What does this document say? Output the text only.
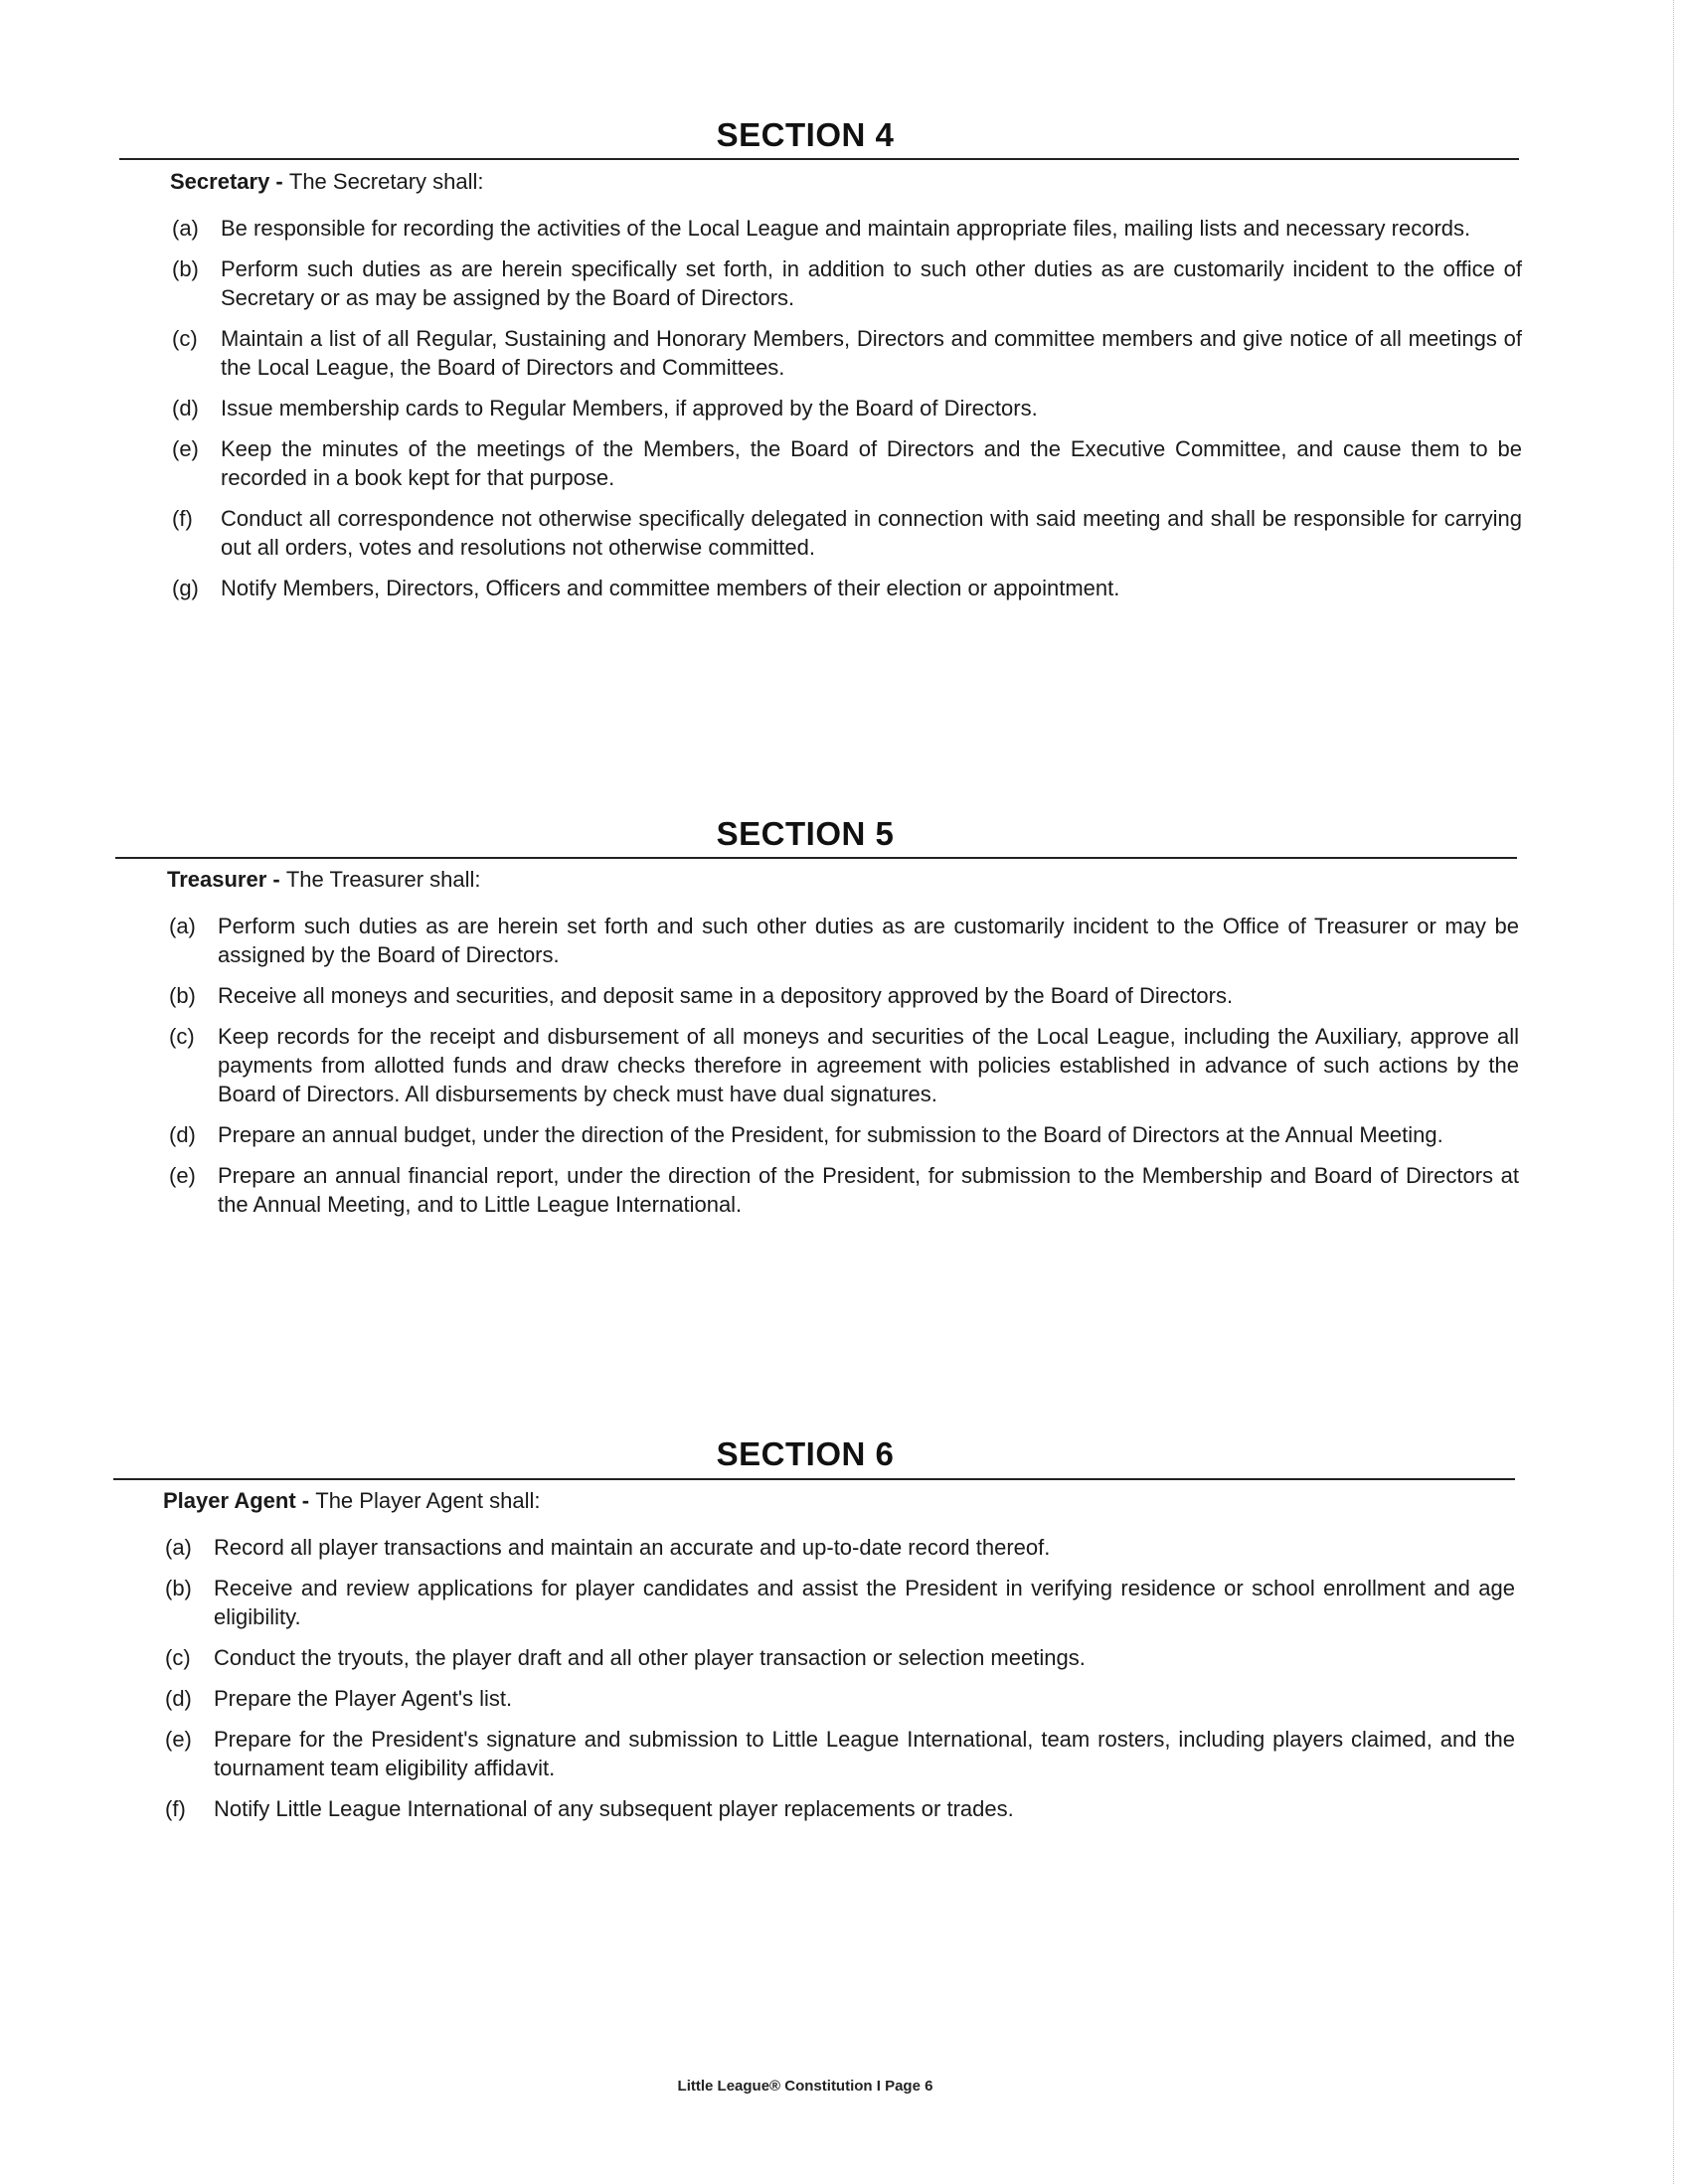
SECTION 4
Secretary - The Secretary shall:
(a) Be responsible for recording the activities of the Local League and maintain appropriate files, mailing lists and necessary records.
(b) Perform such duties as are herein specifically set forth, in addition to such other duties as are customarily incident to the office of Secretary or as may be assigned by the Board of Directors.
(c) Maintain a list of all Regular, Sustaining and Honorary Members, Directors and committee members and give notice of all meetings of the Local League, the Board of Directors and Committees.
(d) Issue membership cards to Regular Members, if approved by the Board of Directors.
(e) Keep the minutes of the meetings of the Members, the Board of Directors and the Executive Committee, and cause them to be recorded in a book kept for that purpose.
(f) Conduct all correspondence not otherwise specifically delegated in connection with said meeting and shall be responsible for carrying out all orders, votes and resolutions not otherwise committed.
(g) Notify Members, Directors, Officers and committee members of their election or appointment.
SECTION 5
Treasurer - The Treasurer shall:
(a) Perform such duties as are herein set forth and such other duties as are customarily incident to the Office of Treasurer or may be assigned by the Board of Directors.
(b) Receive all moneys and securities, and deposit same in a depository approved by the Board of Directors.
(c) Keep records for the receipt and disbursement of all moneys and securities of the Local League, including the Auxiliary, approve all payments from allotted funds and draw checks therefore in agreement with policies established in advance of such actions by the Board of Directors. All disbursements by check must have dual signatures.
(d) Prepare an annual budget, under the direction of the President, for submission to the Board of Directors at the Annual Meeting.
(e) Prepare an annual financial report, under the direction of the President, for submission to the Membership and Board of Directors at the Annual Meeting, and to Little League International.
SECTION 6
Player Agent - The Player Agent shall:
(a) Record all player transactions and maintain an accurate and up-to-date record thereof.
(b) Receive and review applications for player candidates and assist the President in verifying residence or school enrollment and age eligibility.
(c) Conduct the tryouts, the player draft and all other player transaction or selection meetings.
(d) Prepare the Player Agent's list.
(e) Prepare for the President's signature and submission to Little League International, team rosters, including players claimed, and the tournament team eligibility affidavit.
(f) Notify Little League International of any subsequent player replacements or trades.
Little League® Constitution I Page 6
